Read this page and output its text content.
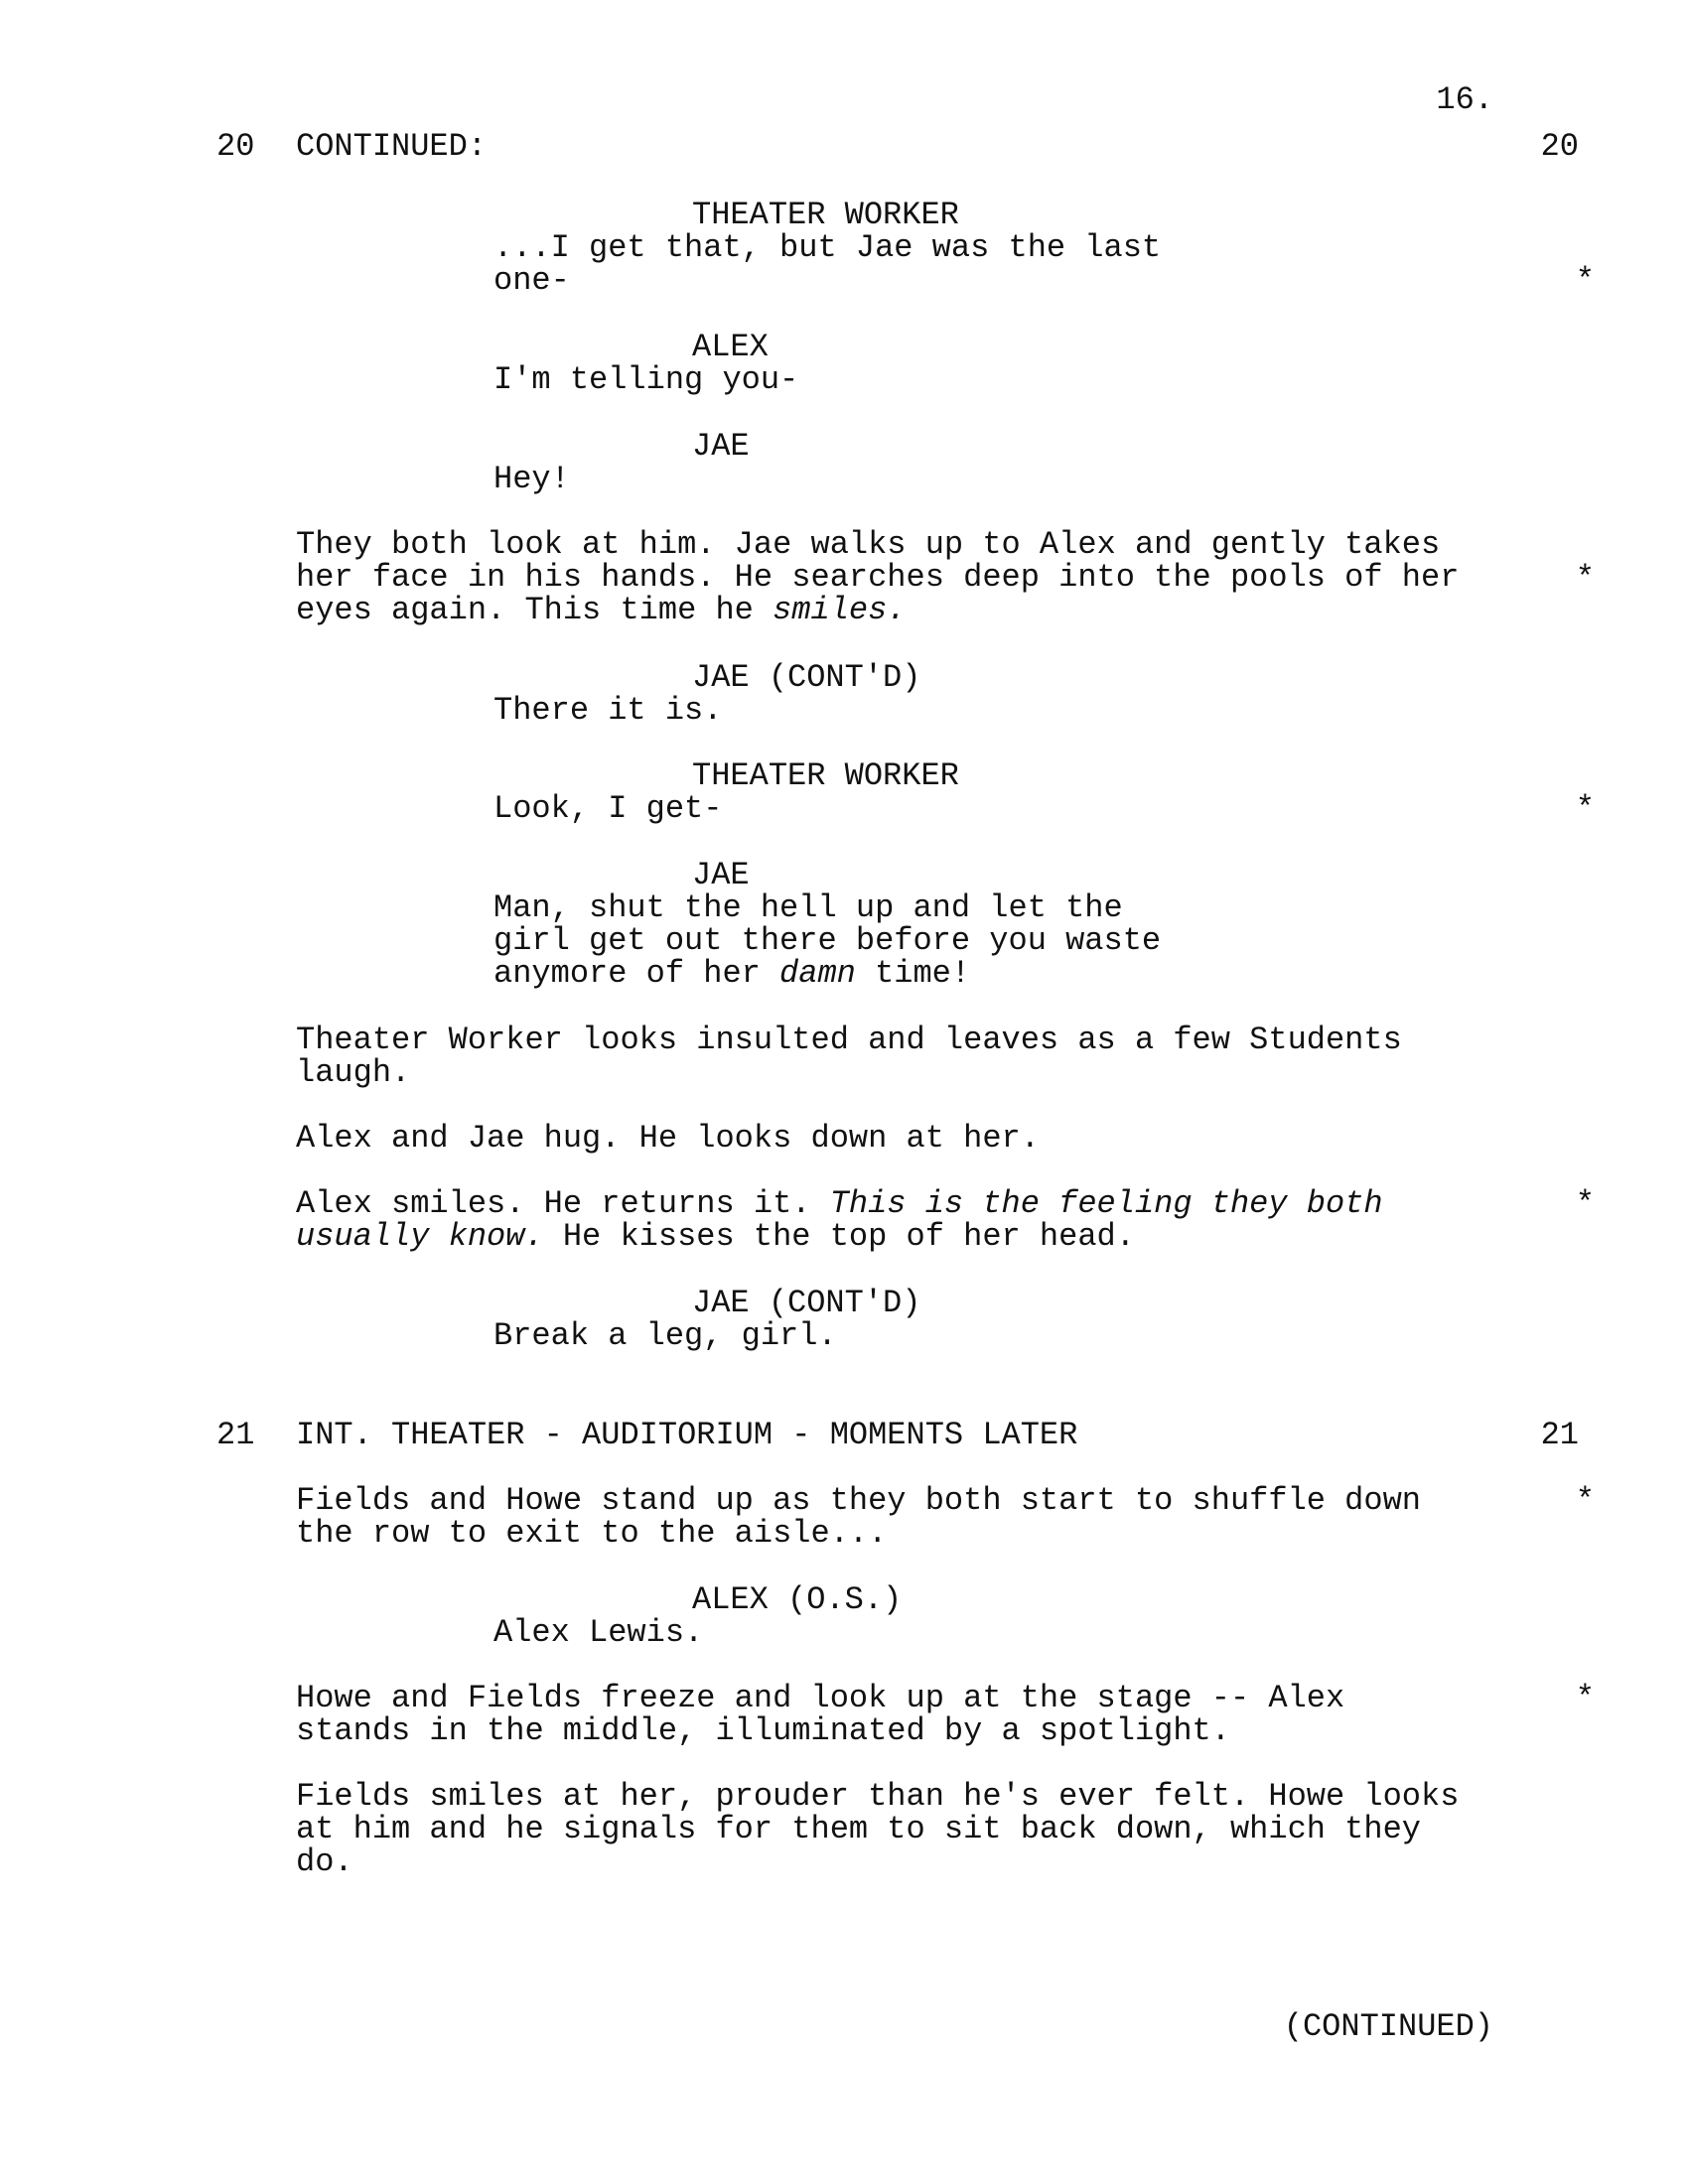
16.
20 CONTINUED:	20
THEATER WORKER
...I get that, but Jae was the last
one-	*
ALEX
I'm telling you-
JAE
Hey!
They both look at him. Jae walks up to Alex and gently takes
her face in his hands. He searches deep into the pools of her
eyes again. This time he smiles.
*
JAE (CONT'D)
There it is.
THEATER WORKER
Look, I get-	*
JAE
Man, shut the hell up and let the
girl get out there before you waste
anymore of her damn time!
Theater Worker looks insulted and leaves as a few Students
laugh.
Alex and Jae hug. He looks down at her.
Alex smiles. He returns it. This is the feeling they both
usually know. He kisses the top of her head.
*
JAE (CONT'D)
Break a leg, girl.
21 INT. THEATER - AUDITORIUM - MOMENTS LATER	21
Fields and Howe stand up as they both start to shuffle down
the row to exit to the aisle...
*
ALEX (O.S.)
Alex Lewis.
Howe and Fields freeze and look up at the stage -- Alex
stands in the middle, illuminated by a spotlight.
*
Fields smiles at her, prouder than he's ever felt. Howe looks
at him and he signals for them to sit back down, which they
do.
(CONTINUED)
